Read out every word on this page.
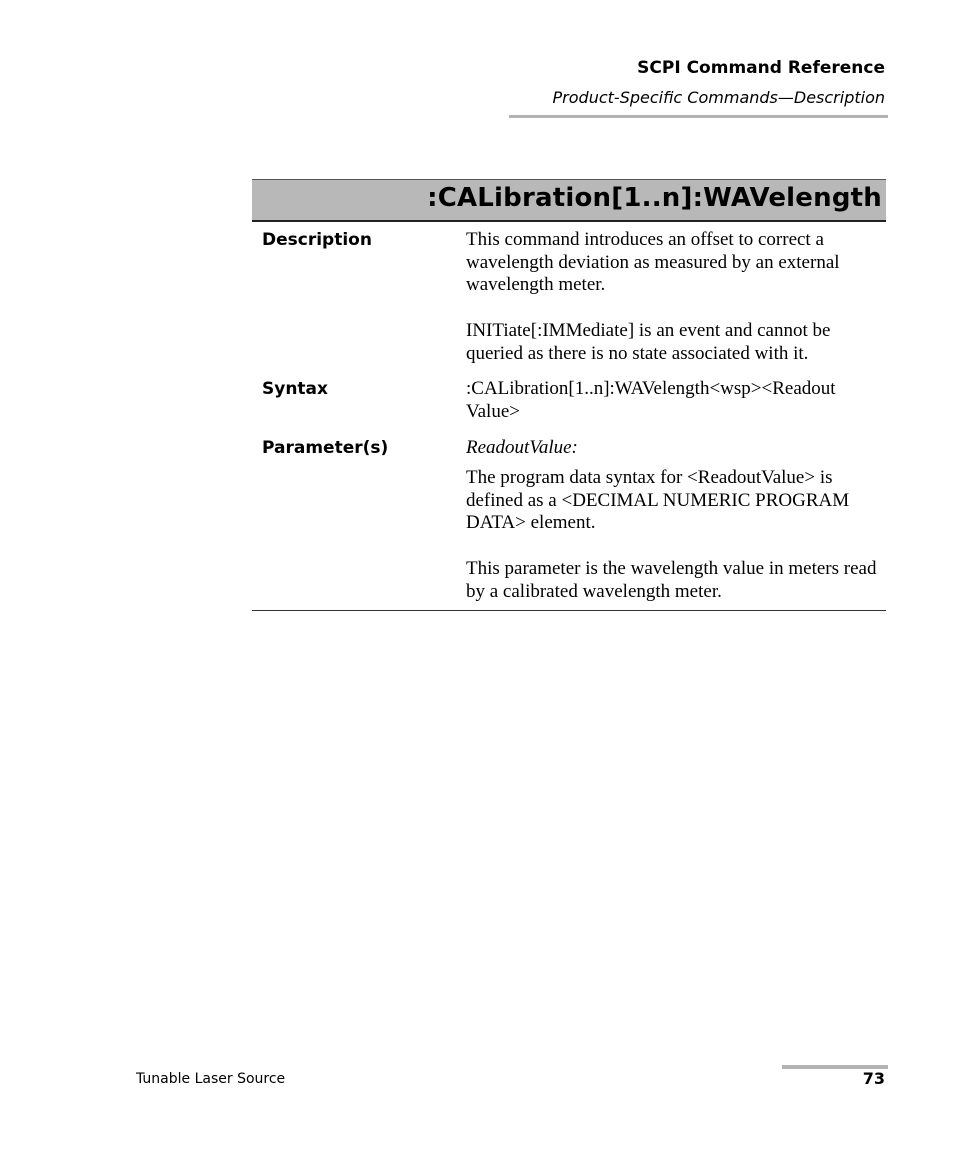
SCPI Command Reference
Product-Specific Commands—Description
:CALibration[1..n]:WAVelength
Description	This command introduces an offset to correct a wavelength deviation as measured by an external wavelength meter.
INITiate[:IMMediate] is an event and cannot be queried as there is no state associated with it.
Syntax	:CALibration[1..n]:WAVelength<wsp><Readout Value>
Parameter(s)	ReadoutValue:
The program data syntax for <ReadoutValue> is defined as a <DECIMAL NUMERIC PROGRAM DATA> element.
This parameter is the wavelength value in meters read by a calibrated wavelength meter.
Tunable Laser Source	73
